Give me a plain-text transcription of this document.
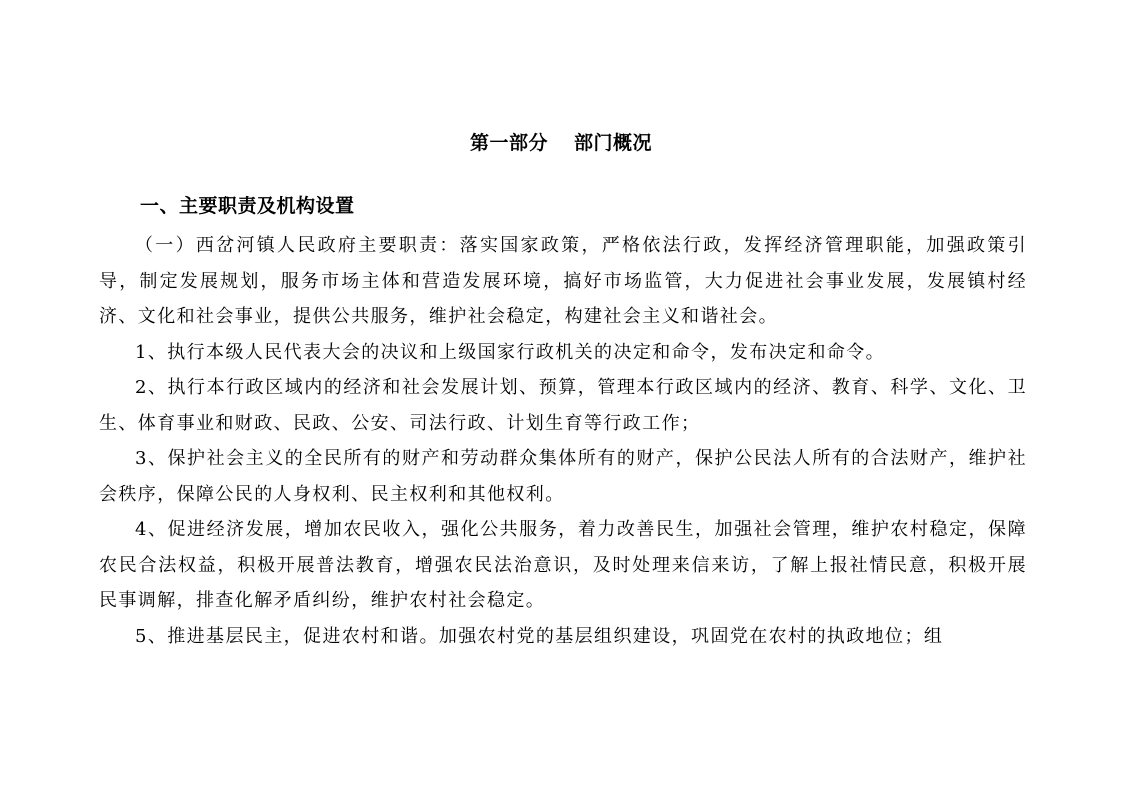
第一部分 部门概况
一、主要职责及机构设置

（一）西岔河镇人民政府主要职责：落实国家政策，严格依法行政，发挥经济管理职能，加强政策引导，制定发展规划，服务市场主体和营造发展环境，搞好市场监管，大力促进社会事业发展，发展镇村经济、文化和社会事业，提供公共服务，维护社会稳定，构建社会主义和谐社会。

1、执行本级人民代表大会的决议和上级国家行政机关的决定和命令，发布决定和命令。

2、执行本行政区域内的经济和社会发展计划、预算，管理本行政区域内的经济、教育、科学、文化、卫生、体育事业和财政、民政、公安、司法行政、计划生育等行政工作；

3、保护社会主义的全民所有的财产和劳动群众集体所有的财产，保护公民法人所有的合法财产，维护社会秩序，保障公民的人身权利、民主权利和其他权利。

4、促进经济发展，增加农民收入，强化公共服务，着力改善民生，加强社会管理，维护农村稳定，保障农民合法权益，积极开展普法教育，增强农民法治意识，及时处理来信来访，了解上报社情民意，积极开展民事调解，排查化解矛盾纠纷，维护农村社会稳定。

5、推进基层民主，促进农村和谐。加强农村党的基层组织建设，巩固党在农村的执政地位；组
